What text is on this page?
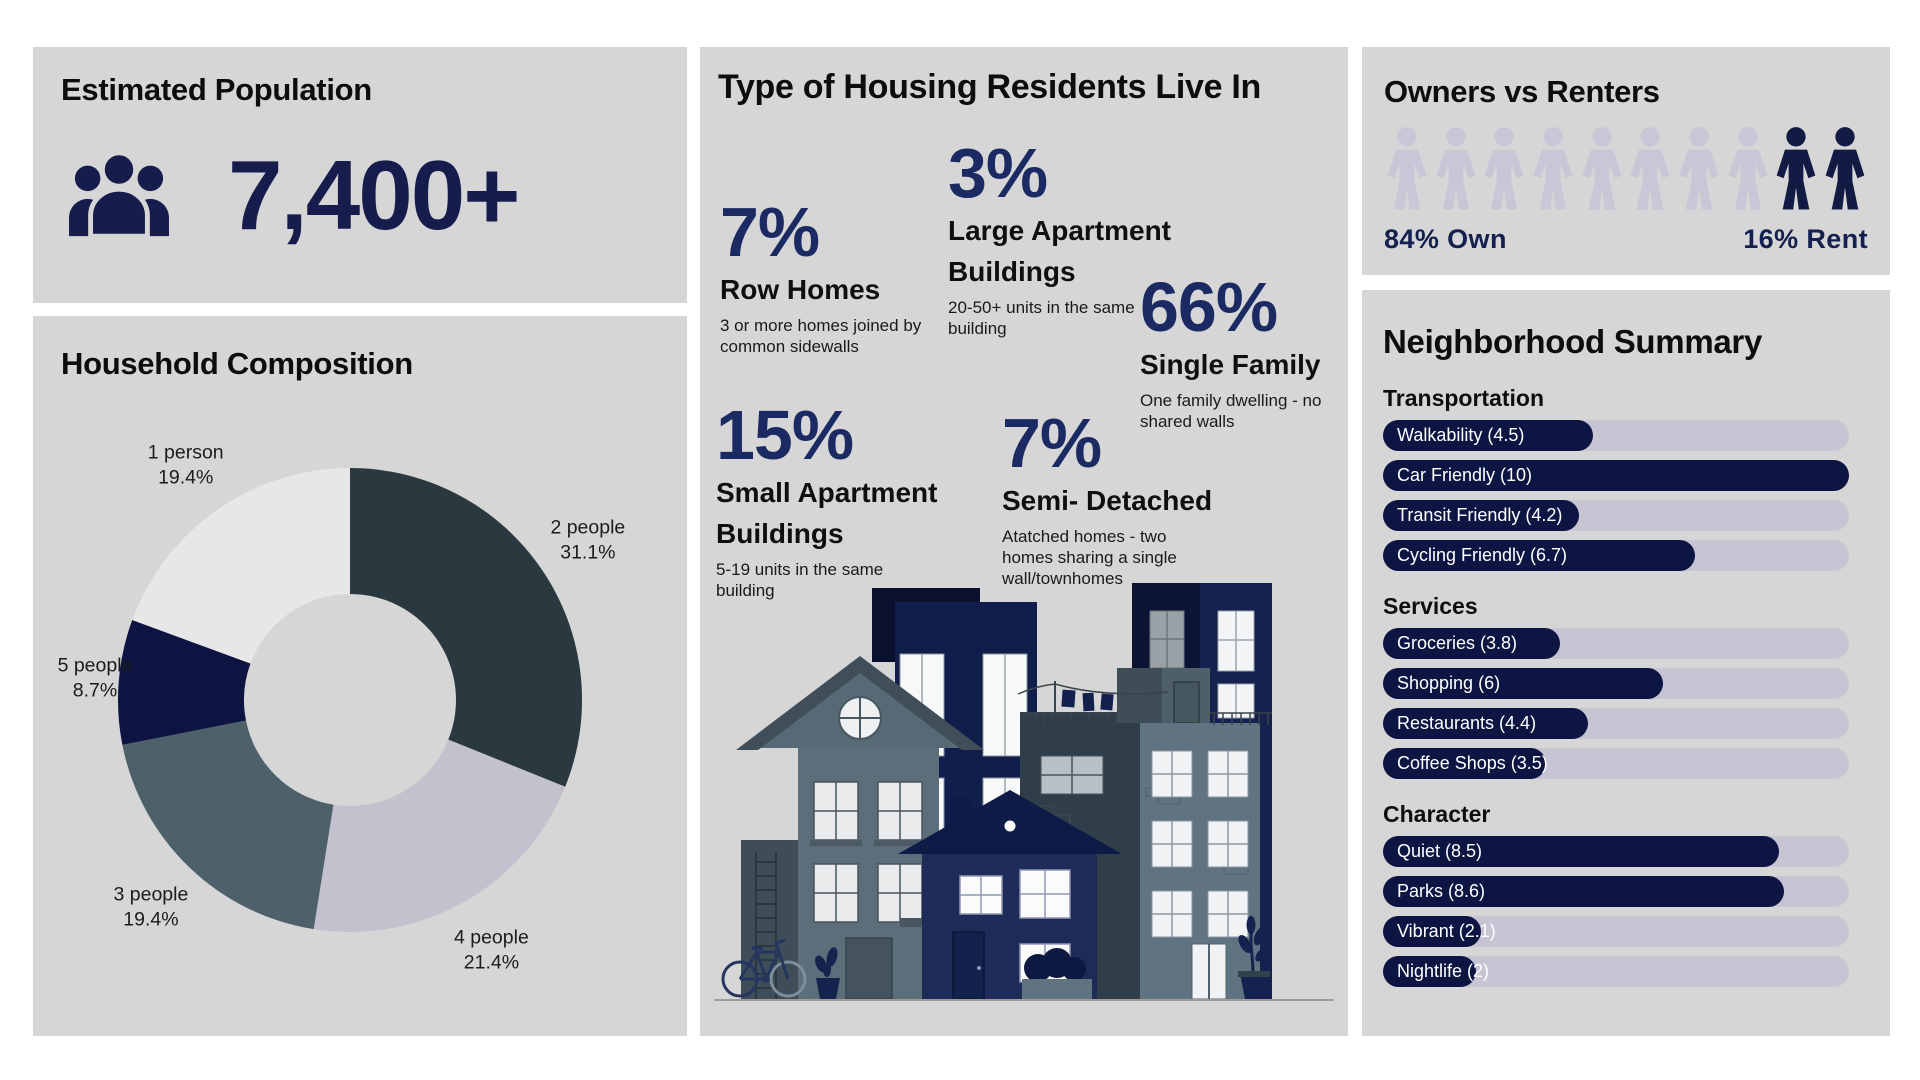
Estimated Population
7,400+
Household Composition
2 people 31.1%
4 people 21.4%
3 people 19.4%
5 people 8.7%
1 person 19.4%
Type of Housing Residents Live In
7%
Row Homes
3 or more homes joined by common sidewalls
3%
Large Apartment Buildings
20-50+ units in the same building	66%
Single Family
One family dwelling - no shared walls
15%
Small Apartment Buildings
5-19 units in the same building
7%
Semi- Detached
Atatched homes - two homes sharing a single wall/townhomes
Owners vs Renters
84% Own	16% Rent
Neighborhood Summary
Transportation
Walkability (4.5)
Car Friendly (10)
Transit Friendly (4.2)
Cycling Friendly (6.7)
Services
Groceries (3.8)
Shopping (6)
Restaurants (4.4)
Coffee Shops (3.5)
Character
Quiet (8.5)
Parks (8.6)
Vibrant (2.1)
Nightlife (2)
